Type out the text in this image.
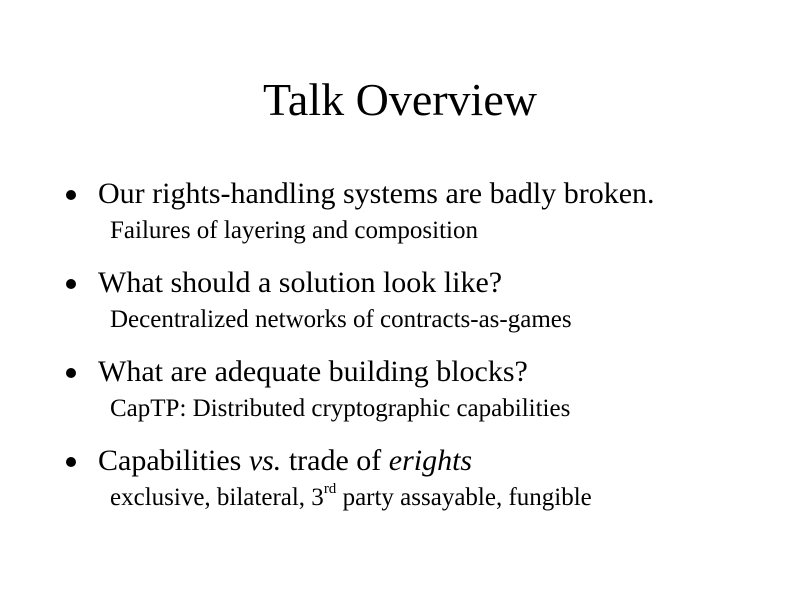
Talk Overview
Our rights-handling systems are badly broken.
Failures of layering and composition
What should a solution look like?
Decentralized networks of contracts-as-games
What are adequate building blocks?
CapTP: Distributed cryptographic capabilities
Capabilities vs. trade of erights
exclusive, bilateral, 3rd party assayable, fungible
